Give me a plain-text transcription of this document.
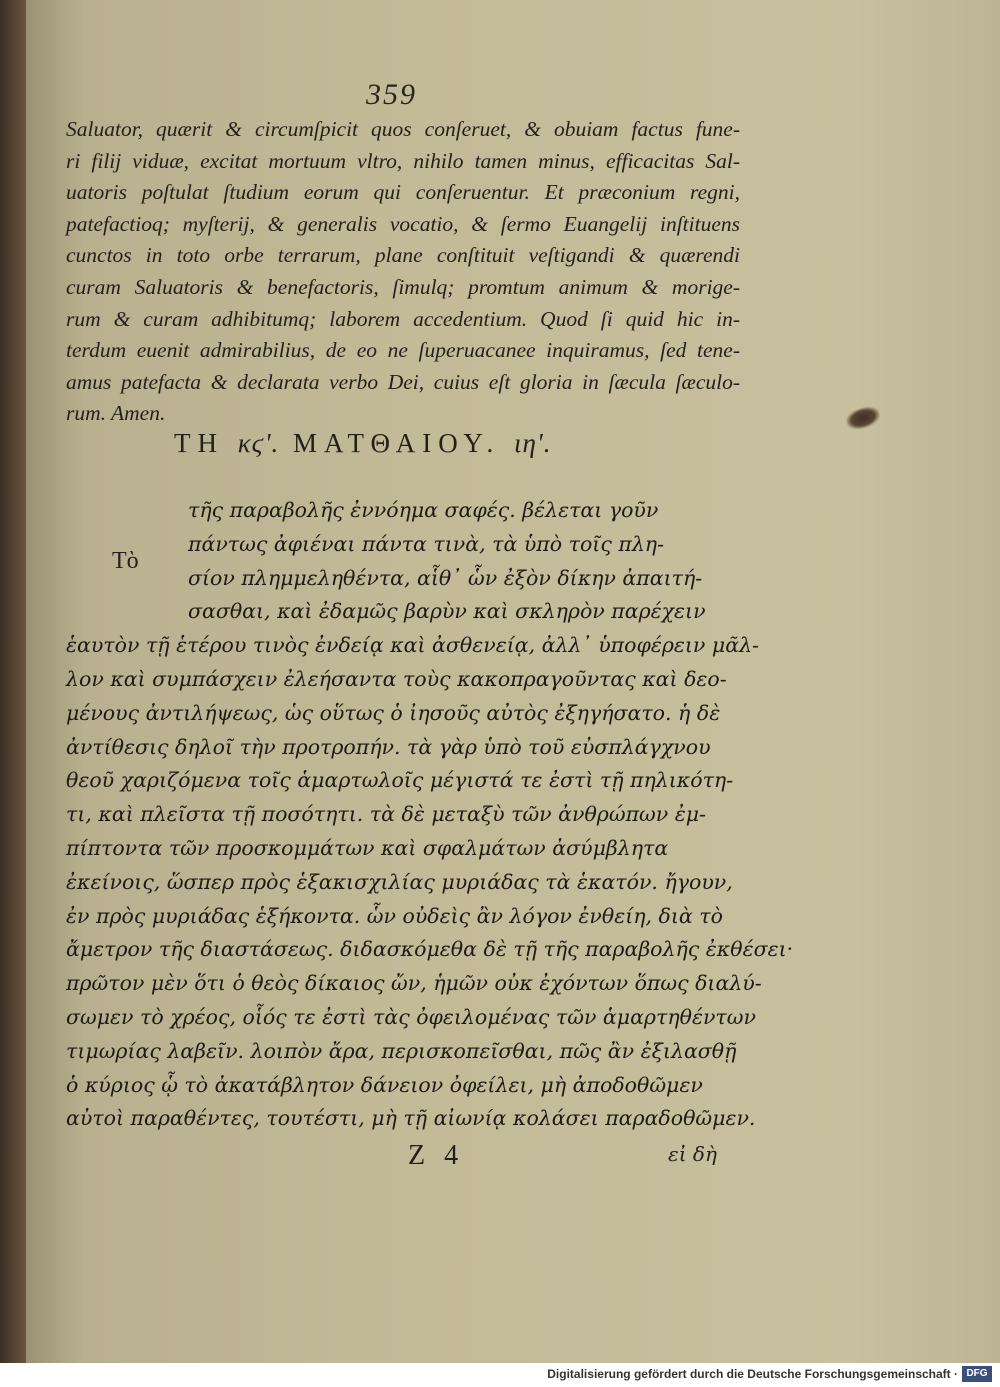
359
Saluator, quærit & circumſpicit quos conſeruet, & obuiam factus fune-
ri filij viduæ, excitat mortuum vltro, nihilo tamen minus, efficacitas Sal-
uatoris poſtulat ſtudium eorum qui conſeruentur. Et præconium regni,
patefactioq; myſterij, & generalis vocatio, & ſermo Euangelij inſtituens
cunctos in toto orbe terrarum, plane conſtituit veſtigandi & quærendi
curam Saluatoris & benefactoris, ſimulq; promtum animum & morige-
rum & curam adhibitumq; laborem accedentium. Quod ſi quid hic in-
terdum euenit admirabilius, de eo ne ſuperuacanee inquiramus, ſed tene-
amus patefacta & declarata verbo Dei, cuius eſt gloria in ſæcula ſæculo-
rum. Amen.
ΤΗ κϛʹ. ΜΑΤΘΑΙΟΥ. ιηʹ.
Τὸ
τῆς παραβολῆς ἐννόημα σαφές. βέλεται γοῦν
πάντως ἀφιέναι πάντα τινὰ, τὰ ὑπὸ τοῖς πλη-
σίον πλημμεληθέντα, αἷθ᾽ ὧν ἐξὸν δίκην ἀπαιτή-
σασθαι, καὶ ἐδαμῶς βαρὺν καὶ σκληρὸν παρέχειν
ἑαυτὸν τῇ ἑτέρου τινὸς ἐνδείᾳ καὶ ἀσθενείᾳ, ἀλλ᾽ ὑποφέρειν μᾶλ-
λον καὶ συμπάσχειν ἐλεήσαντα τοὺς κακοπραγοῦντας καὶ δεο-
μένους ἀντιλήψεως, ὡς οὕτως ὁ ἰησοῦς αὐτὸς ἐξηγήσατο. ἡ δὲ
ἀντίθεσις δηλοῖ τὴν προτροπήν. τὰ γὰρ ὑπὸ τοῦ εὐσπλάγχνου
θεοῦ χαριζόμενα τοῖς ἁμαρτωλοῖς μέγιστά τε ἐστὶ τῇ πηλικότη-
τι, καὶ πλεῖστα τῇ ποσότητι. τὰ δὲ μεταξὺ τῶν ἀνθρώπων ἐμ-
πίπτοντα τῶν προσκομμάτων καὶ σφαλμάτων ἀσύμβλητα
ἐκείνοις, ὥσπερ πρὸς ἑξακισχιλίας μυριάδας τὰ ἑκατόν. ἤγουν,
ἐν πρὸς μυριάδας ἑξήκοντα. ὧν οὐδεὶς ἂν λόγον ἐνθείη, διὰ τὸ
ἄμετρον τῆς διαστάσεως. διδασκόμεθα δὲ τῇ τῆς παραβολῆς ἐκθέσει·
πρῶτον μὲν ὅτι ὁ θεὸς δίκαιος ὤν, ἡμῶν οὐκ ἐχόντων ὅπως διαλύ-
σωμεν τὸ χρέος, οἷός τε ἐστὶ τὰς ὀφειλομένας τῶν ἁμαρτηθέντων
τιμωρίας λαβεῖν. λοιπὸν ἄρα, περισκοπεῖσθαι, πῶς ἂν ἐξιλασθῇ
ὁ κύριος ᾧ τὸ ἀκατάβλητον δάνειον ὀφείλει, μὴ ἀποδοθῶμεν
αὐτοὶ παραθέντες, τουτέστι, μὴ τῇ αἰωνίᾳ κολάσει παραδοθῶμεν.
Z 4	εἰ δὴ
Digitalisierung gefördert durch die Deutsche Forschungsgemeinschaft · DFG
